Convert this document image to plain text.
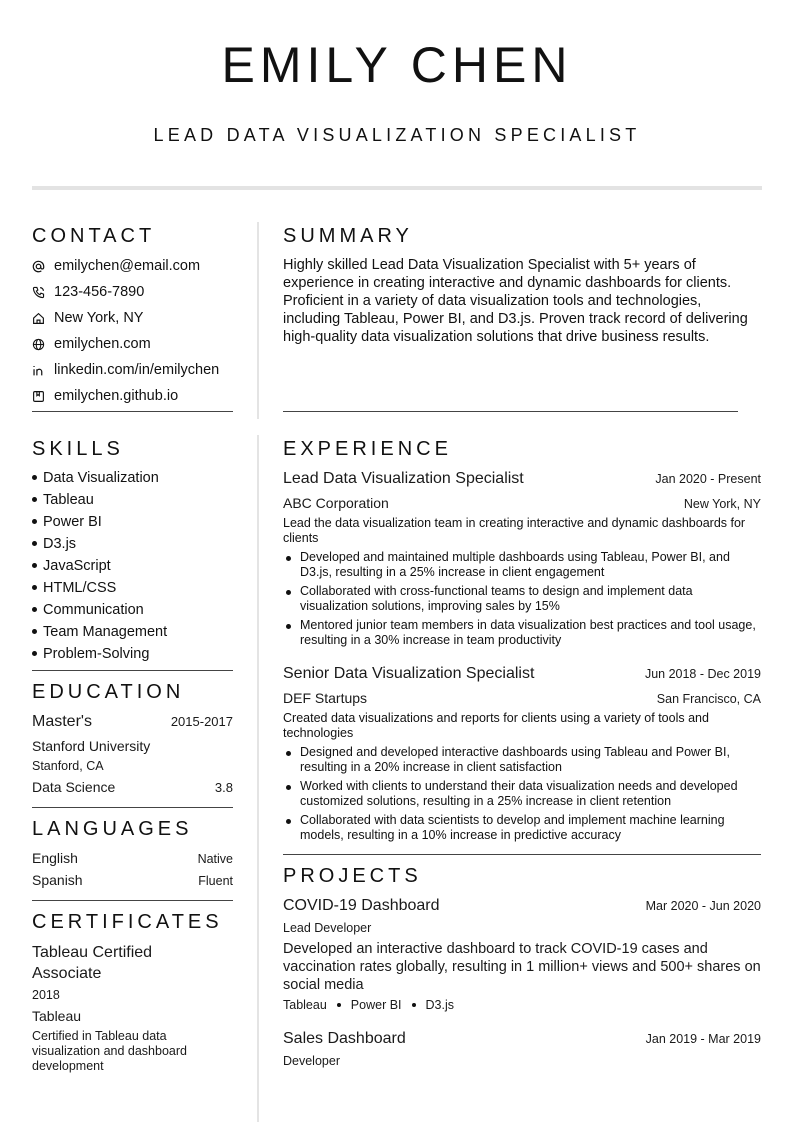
EMILY CHEN
LEAD DATA VISUALIZATION SPECIALIST
CONTACT
emilychen@email.com
123-456-7890
New York, NY
emilychen.com
linkedin.com/in/emilychen
emilychen.github.io
SKILLS
Data Visualization
Tableau
Power BI
D3.js
JavaScript
HTML/CSS
Communication
Team Management
Problem-Solving
EDUCATION
Master's	2015-2017
Stanford University
Stanford, CA
Data Science	3.8
LANGUAGES
English	Native
Spanish	Fluent
CERTIFICATES
Tableau Certified
Associate
2018
Tableau
Certified in Tableau data visualization and dashboard development
SUMMARY
Highly skilled Lead Data Visualization Specialist with 5+ years of experience in creating interactive and dynamic dashboards for clients. Proficient in a variety of data visualization tools and technologies, including Tableau, Power BI, and D3.js. Proven track record of delivering high-quality data visualization solutions that drive business results.
EXPERIENCE
Lead Data Visualization Specialist	Jan 2020 - Present
ABC Corporation	New York, NY
Lead the data visualization team in creating interactive and dynamic dashboards for clients
Developed and maintained multiple dashboards using Tableau, Power BI, and D3.js, resulting in a 25% increase in client engagement
Collaborated with cross-functional teams to design and implement data visualization solutions, improving sales by 15%
Mentored junior team members in data visualization best practices and tool usage, resulting in a 30% increase in team productivity
Senior Data Visualization Specialist	Jun 2018 - Dec 2019
DEF Startups	San Francisco, CA
Created data visualizations and reports for clients using a variety of tools and technologies
Designed and developed interactive dashboards using Tableau and Power BI, resulting in a 20% increase in client satisfaction
Worked with clients to understand their data visualization needs and developed customized solutions, resulting in a 25% increase in client retention
Collaborated with data scientists to develop and implement machine learning models, resulting in a 10% increase in predictive accuracy
PROJECTS
COVID-19 Dashboard	Mar 2020 - Jun 2020
Lead Developer
Developed an interactive dashboard to track COVID-19 cases and vaccination rates globally, resulting in 1 million+ views and 500+ shares on social media
Tableau Power BI D3.js
Sales Dashboard	Jan 2019 - Mar 2019
Developer
